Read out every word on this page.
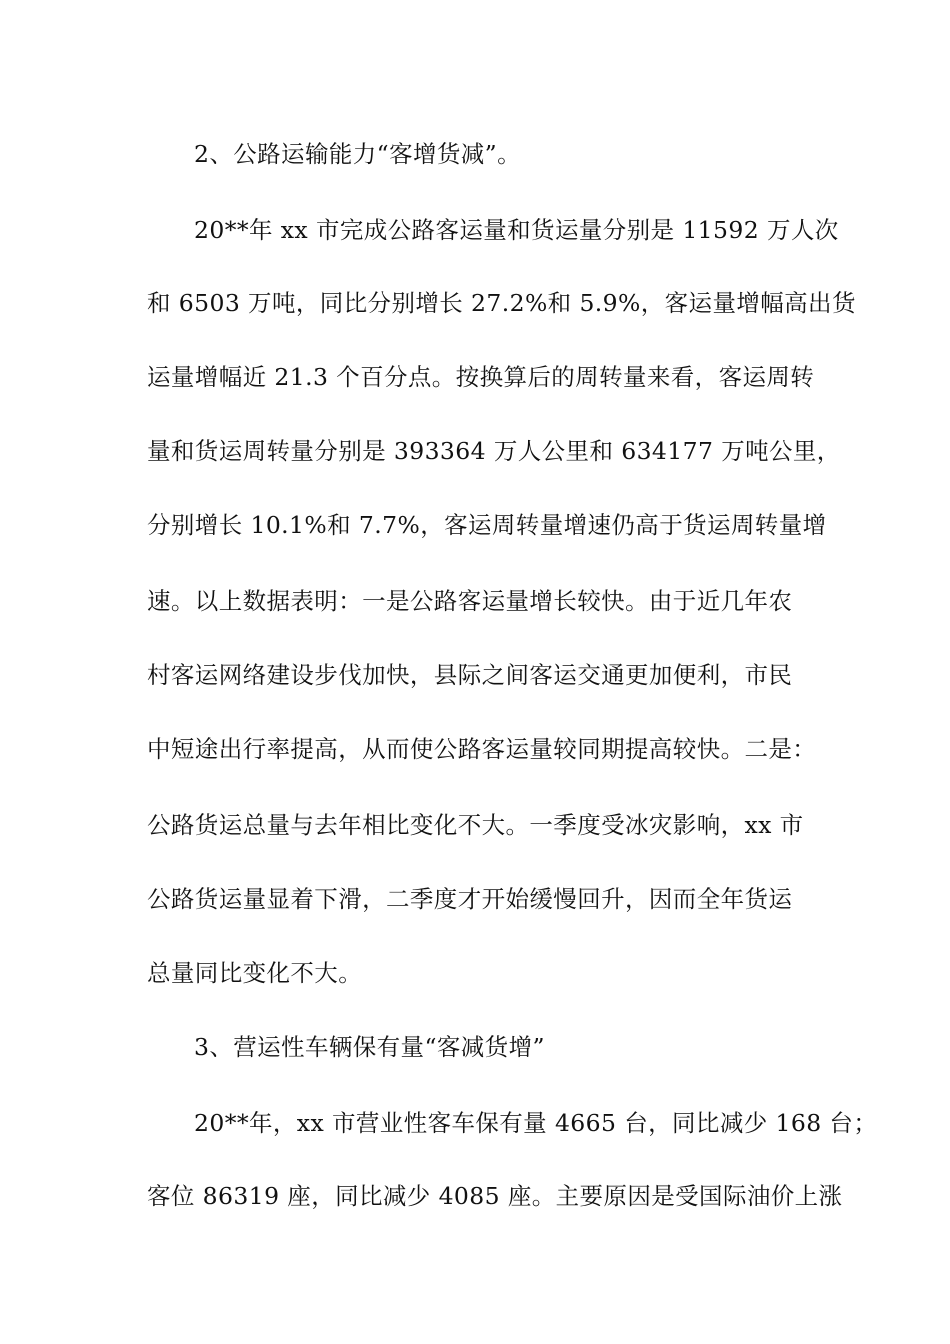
2、公路运输能力“客增货减”。
20**年 xx 市完成公路客运量和货运量分别是 11592 万人次
和 6503 万吨，同比分别增长 27.2%和 5.9%，客运量增幅高出货
运量增幅近 21.3 个百分点。按换算后的周转量来看，客运周转
量和货运周转量分别是 393364 万人公里和 634177 万吨公里，
分别增长 10.1%和 7.7%，客运周转量增速仍高于货运周转量增
速。以上数据表明：一是公路客运量增长较快。由于近几年农
村客运网络建设步伐加快，县际之间客运交通更加便利，市民
中短途出行率提高，从而使公路客运量较同期提高较快。二是：
公路货运总量与去年相比变化不大。一季度受冰灾影响，xx 市
公路货运量显着下滑，二季度才开始缓慢回升，因而全年货运
总量同比变化不大。
3、营运性车辆保有量“客减货增”
20**年，xx 市营业性客车保有量 4665 台，同比减少 168 台；
客位 86319 座，同比减少 4085 座。主要原因是受国际油价上涨
